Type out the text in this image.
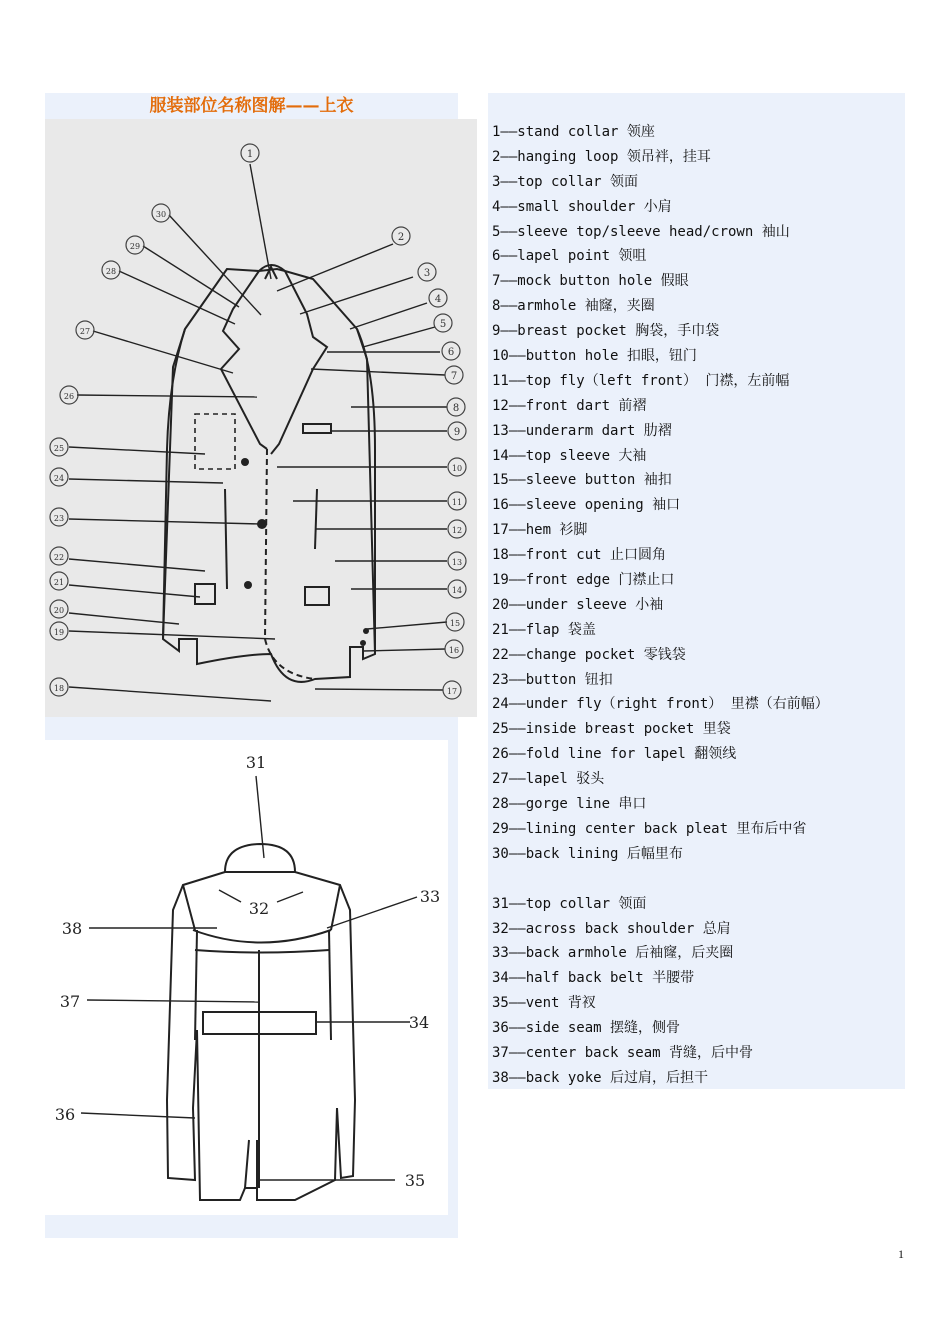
服装部位名称图解——上衣
1
2
3
4
5
6
7
8
9
10
11
12
13
14
15
16
17
18
19
20
21
22
23
24
25
26
27
28
29
30
31
32
33
34
35
36
37
38
1——stand collar 领座
2——hanging loop 领吊袢，挂耳
3——top collar 领面
4——small shoulder 小肩
5——sleeve top/sleeve head/crown 袖山
6——lapel point 领咀
7——mock button hole 假眼
8——armhole 袖窿，夹圈
9——breast pocket 胸袋，手巾袋
10——button hole 扣眼，钮门
11——top fly（left front） 门襟，左前幅
12——front dart 前褶
13——underarm dart 肋褶
14——top sleeve 大袖
15——sleeve button 袖扣
16——sleeve opening 袖口
17——hem 衫脚
18——front cut 止口圆角
19——front edge 门襟止口
20——under sleeve 小袖
21——flap 袋盖
22——change pocket 零钱袋
23——button 钮扣
24——under fly（right front） 里襟（右前幅）
25——inside breast pocket 里袋
26——fold line for lapel 翻领线
27——lapel 驳头
28——gorge line 串口
29——lining center back pleat 里布后中省
30——back lining 后幅里布
31——top collar 领面
32——across back shoulder 总肩
33——back armhole 后袖窿，后夹圈
34——half back belt 半腰带
35——vent 背衩
36——side seam 摆缝，侧骨
37——center back seam 背缝，后中骨
38——back yoke 后过肩，后担干
1
